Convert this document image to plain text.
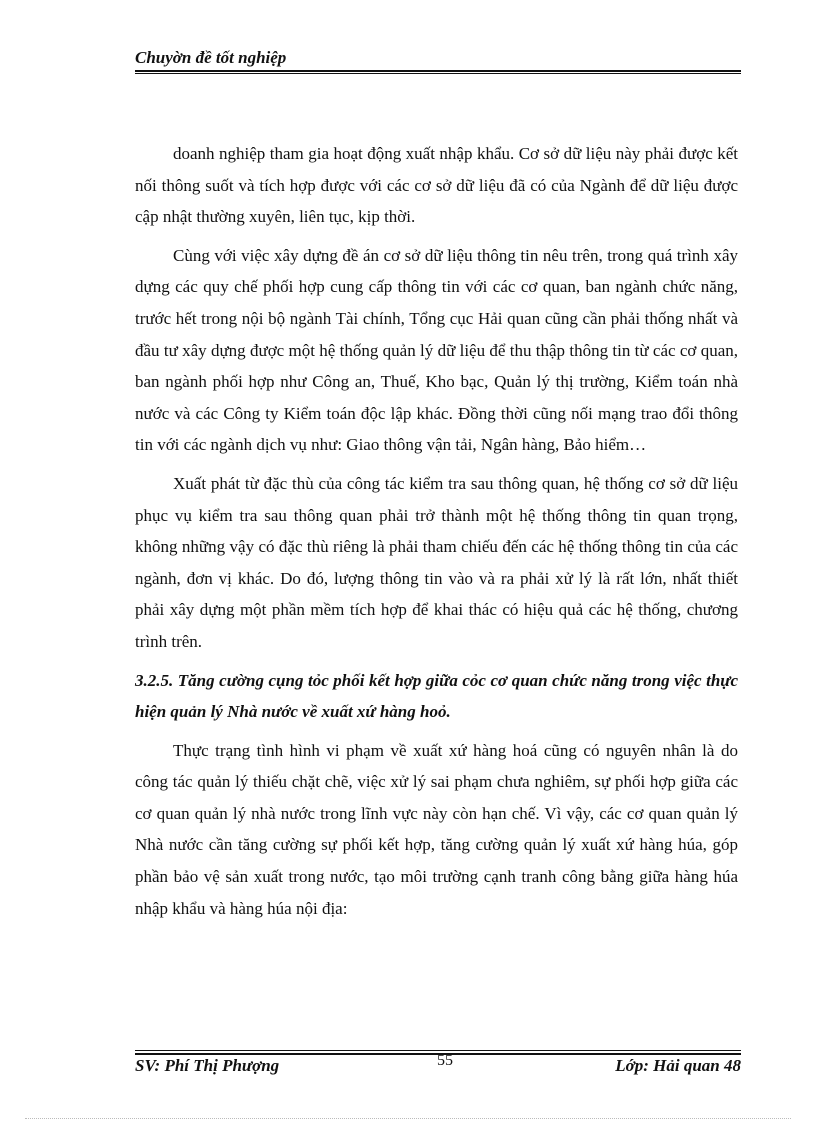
Chuyờn đề tốt nghiệp

doanh nghiệp tham gia hoạt động xuất nhập khẩu. Cơ sở dữ liệu này phải được kết nối thông suốt và tích hợp được với các cơ sở dữ liệu đã có của Ngành để dữ liệu được cập nhật thường xuyên, liên tục, kịp thời.

Cùng với việc xây dựng đề án cơ sở dữ liệu thông tin nêu trên, trong quá trình xây dựng các quy chế phối hợp cung cấp thông tin với các cơ quan, ban ngành chức năng, trước hết trong nội bộ ngành Tài chính, Tổng cục Hải quan cũng cần phải thống nhất và đầu tư xây dựng được một hệ thống quản lý dữ liệu để thu thập thông tin từ các cơ quan, ban ngành phối hợp như Công an, Thuế, Kho bạc, Quản lý thị trường, Kiểm toán nhà nước và các Công ty Kiểm toán độc lập khác. Đồng thời cũng nối mạng trao đổi thông tin với các ngành dịch vụ như: Giao thông vận tải, Ngân hàng, Bảo hiểm…

Xuất phát từ đặc thù của công tác kiểm tra sau thông quan, hệ thống cơ sở dữ liệu phục vụ kiểm tra sau thông quan phải trở thành một hệ thống thông tin quan trọng, không những vậy có đặc thù riêng là phải tham chiếu đến các hệ thống thông tin của các ngành, đơn vị khác. Do đó, lượng thông tin vào và ra phải xử lý là rất lớn, nhất thiết phải xây dựng một phần mềm tích hợp để khai thác có hiệu quả các hệ thống, chương trình trên.

3.2.5. Tăng cường cụng tỏc phối kết hợp giữa cỏc cơ quan chức năng trong việc thực hiện quản lý Nhà nước về xuất xứ hàng hoỏ.

Thực trạng tình hình vi phạm về xuất xứ hàng hoá cũng có nguyên nhân là do công tác quản lý thiếu chặt chẽ, việc xử lý sai phạm chưa nghiêm, sự phối hợp giữa các cơ quan quản lý nhà nước trong lĩnh vực này còn hạn chế. Vì vậy, các cơ quan quản lý Nhà nước cần tăng cường sự phối kết hợp, tăng cường quản lý xuất xứ hàng húa, góp phần bảo vệ sản xuất trong nước, tạo môi trường cạnh tranh công bằng giữa hàng húa nhập khẩu và hàng húa nội địa:

SV: Phí Thị Phượng	55	Lớp: Hải quan 48
